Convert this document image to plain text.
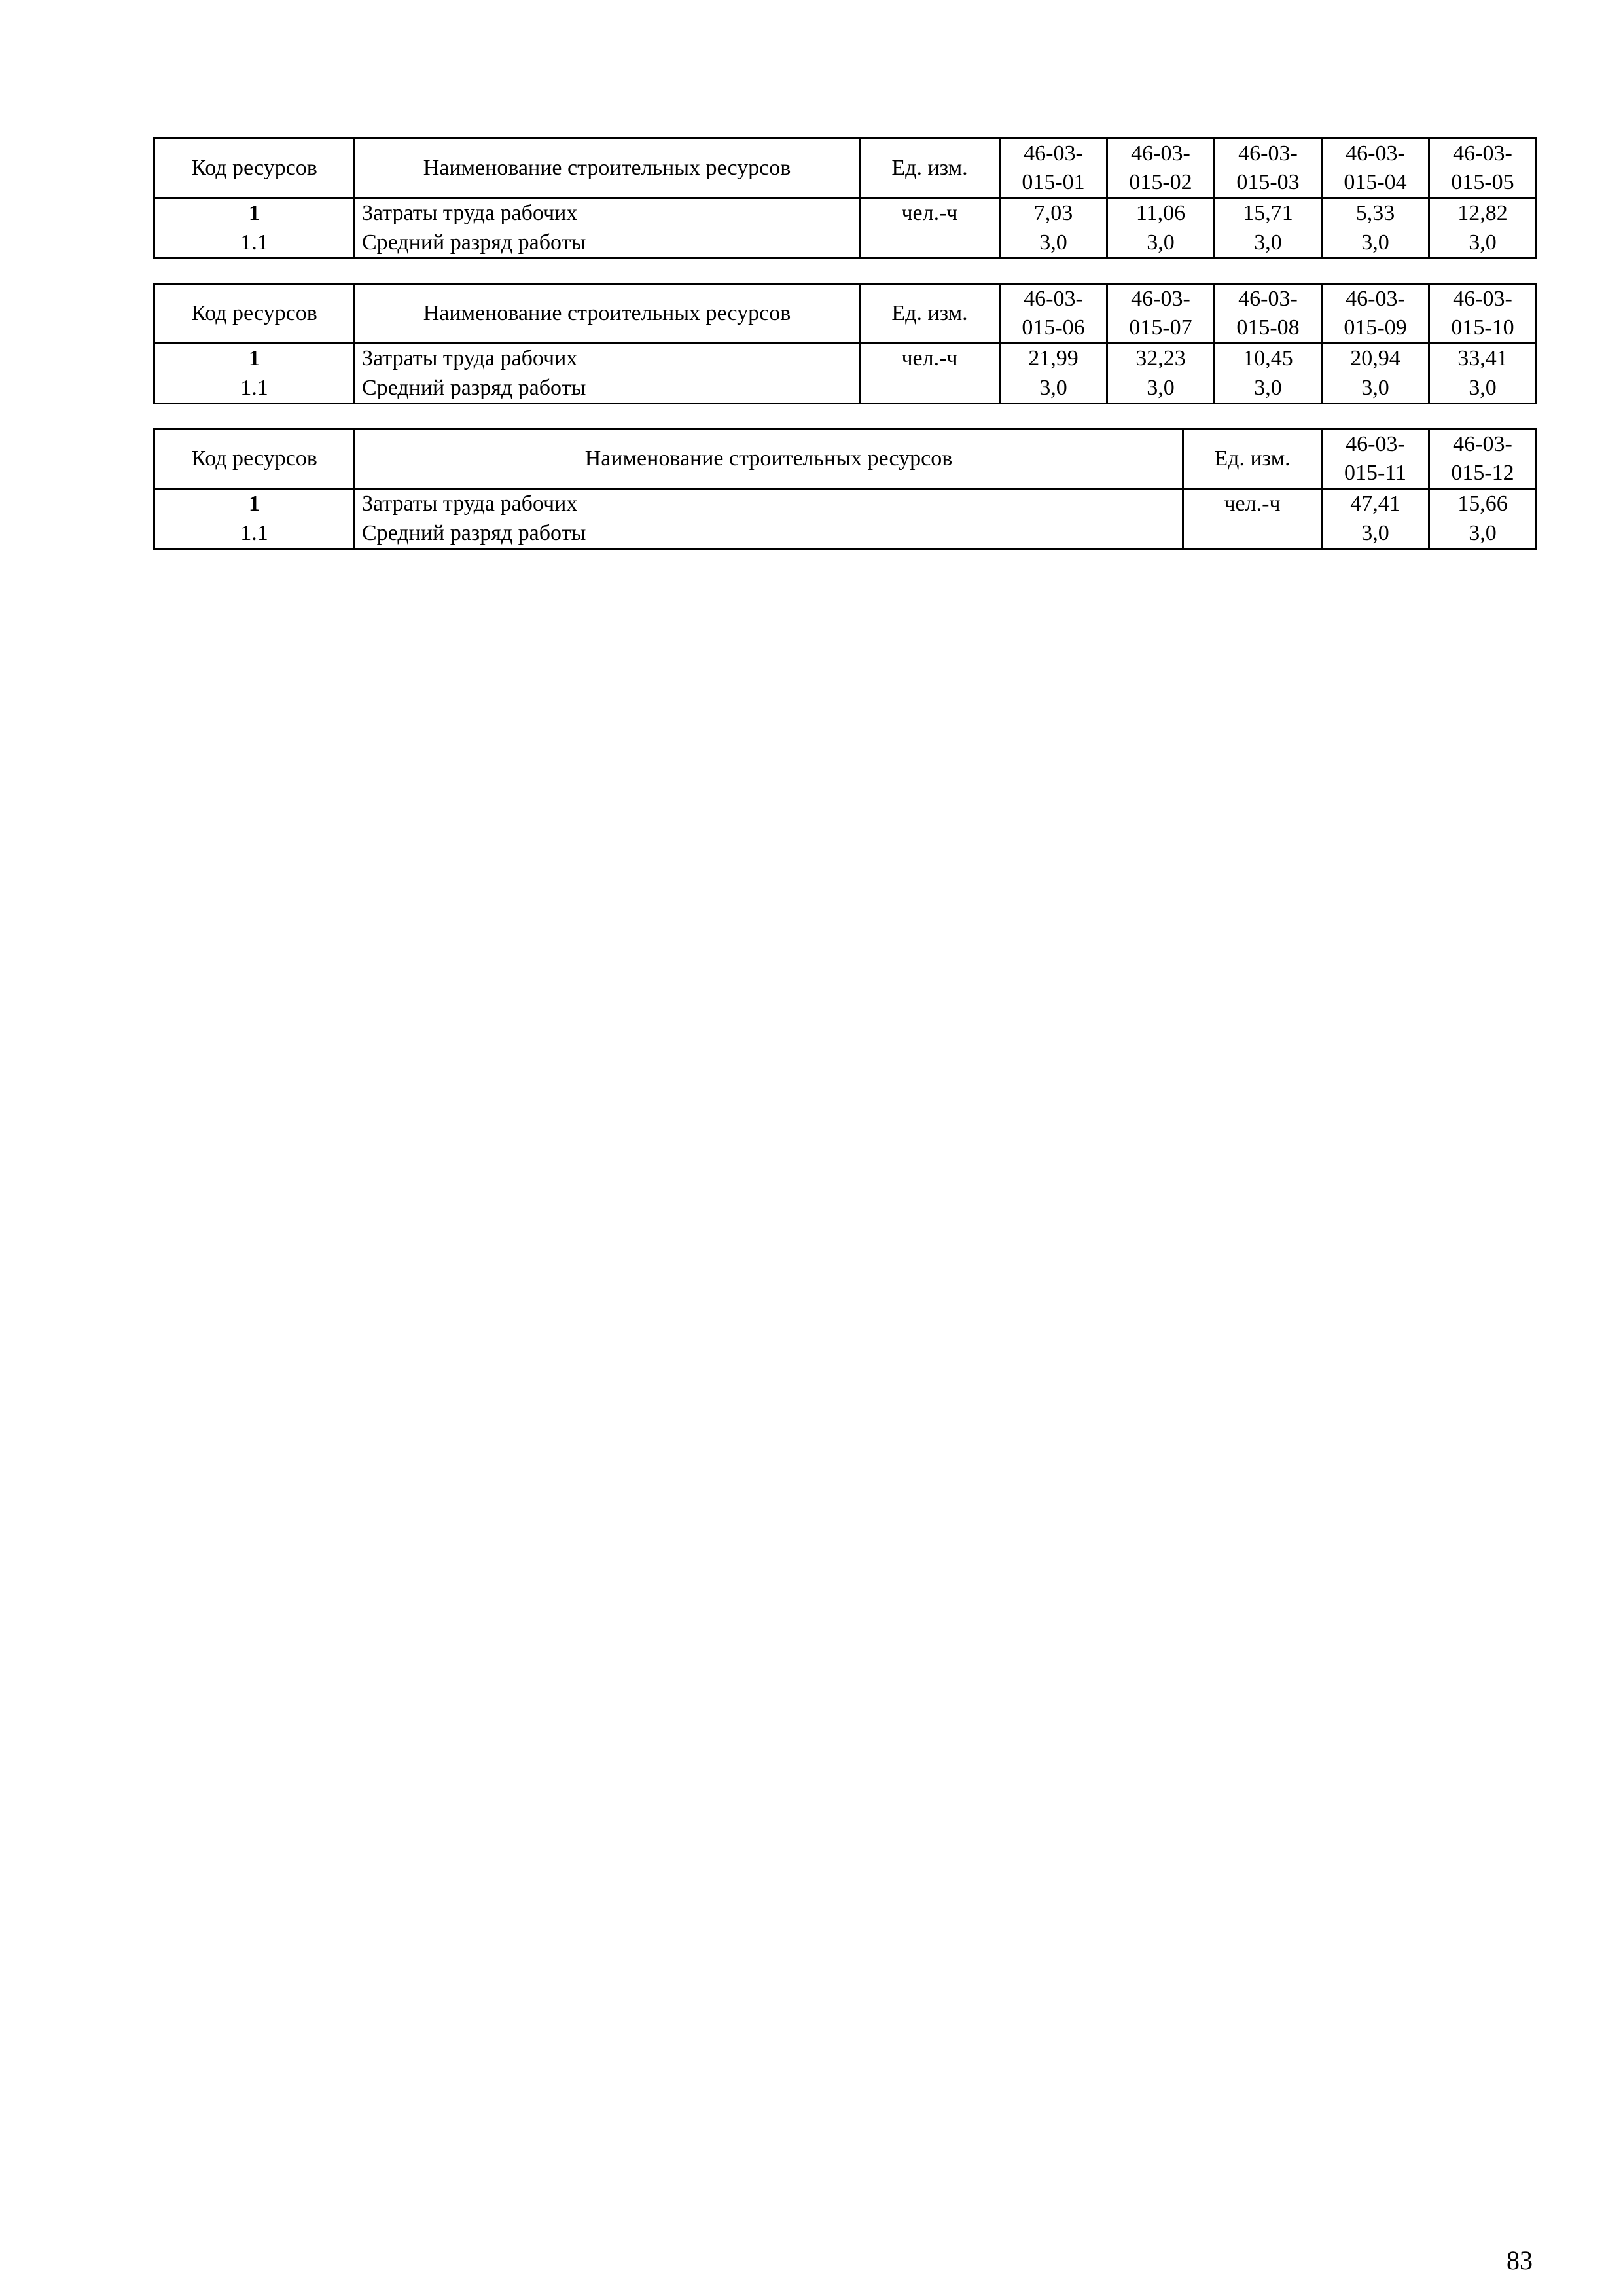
Код ресурсов	Наименование строительных ресурсов	Ед. изм.	46-03-015-01	46-03-015-02	46-03-015-03	46-03-015-04	46-03-015-05
1	Затраты труда рабочих	чел.-ч	7,03	11,06	15,71	5,33	12,82
1.1	Средний разряд работы		3,0	3,0	3,0	3,0	3,0
Код ресурсов	Наименование строительных ресурсов	Ед. изм.	46-03-015-06	46-03-015-07	46-03-015-08	46-03-015-09	46-03-015-10
1	Затраты труда рабочих	чел.-ч	21,99	32,23	10,45	20,94	33,41
1.1	Средний разряд работы		3,0	3,0	3,0	3,0	3,0
Код ресурсов	Наименование строительных ресурсов	Ед. изм.	46-03-015-11	46-03-015-12
1	Затраты труда рабочих	чел.-ч	47,41	15,66
1.1	Средний разряд работы		3,0	3,0
83
